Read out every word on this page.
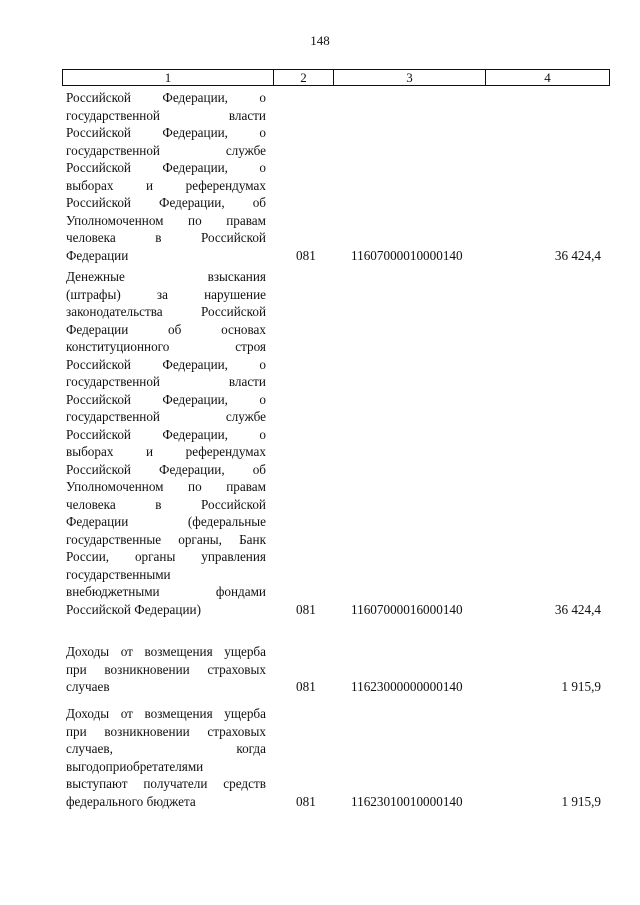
148
1	2	3	4
Российской Федерации, о
государственной власти
Российской Федерации, о
государственной службе
Российской Федерации, о
выборах и референдумах
Российской Федерации, об
Уполномоченном по правам
человека в Российской
Федерации	081	11607000010000140	36 424,4
Денежные взыскания
(штрафы) за нарушение
законодательства Российской
Федерации об основах
конституционного строя
Российской Федерации, о
государственной власти
Российской Федерации, о
государственной службе
Российской Федерации, о
выборах и референдумах
Российской Федерации, об
Уполномоченном по правам
человека в Российской
Федерации (федеральные
государственные органы, Банк
России, органы управления
государственными
внебюджетными фондами
Российской Федерации)	081	11607000016000140	36 424,4
Доходы от возмещения ущерба
при возникновении страховых
случаев	081	11623000000000140	1 915,9
Доходы от возмещения ущерба
при возникновении страховых
случаев, когда
выгодоприобретателями
выступают получатели средств
федерального бюджета	081	11623010010000140	1 915,9
